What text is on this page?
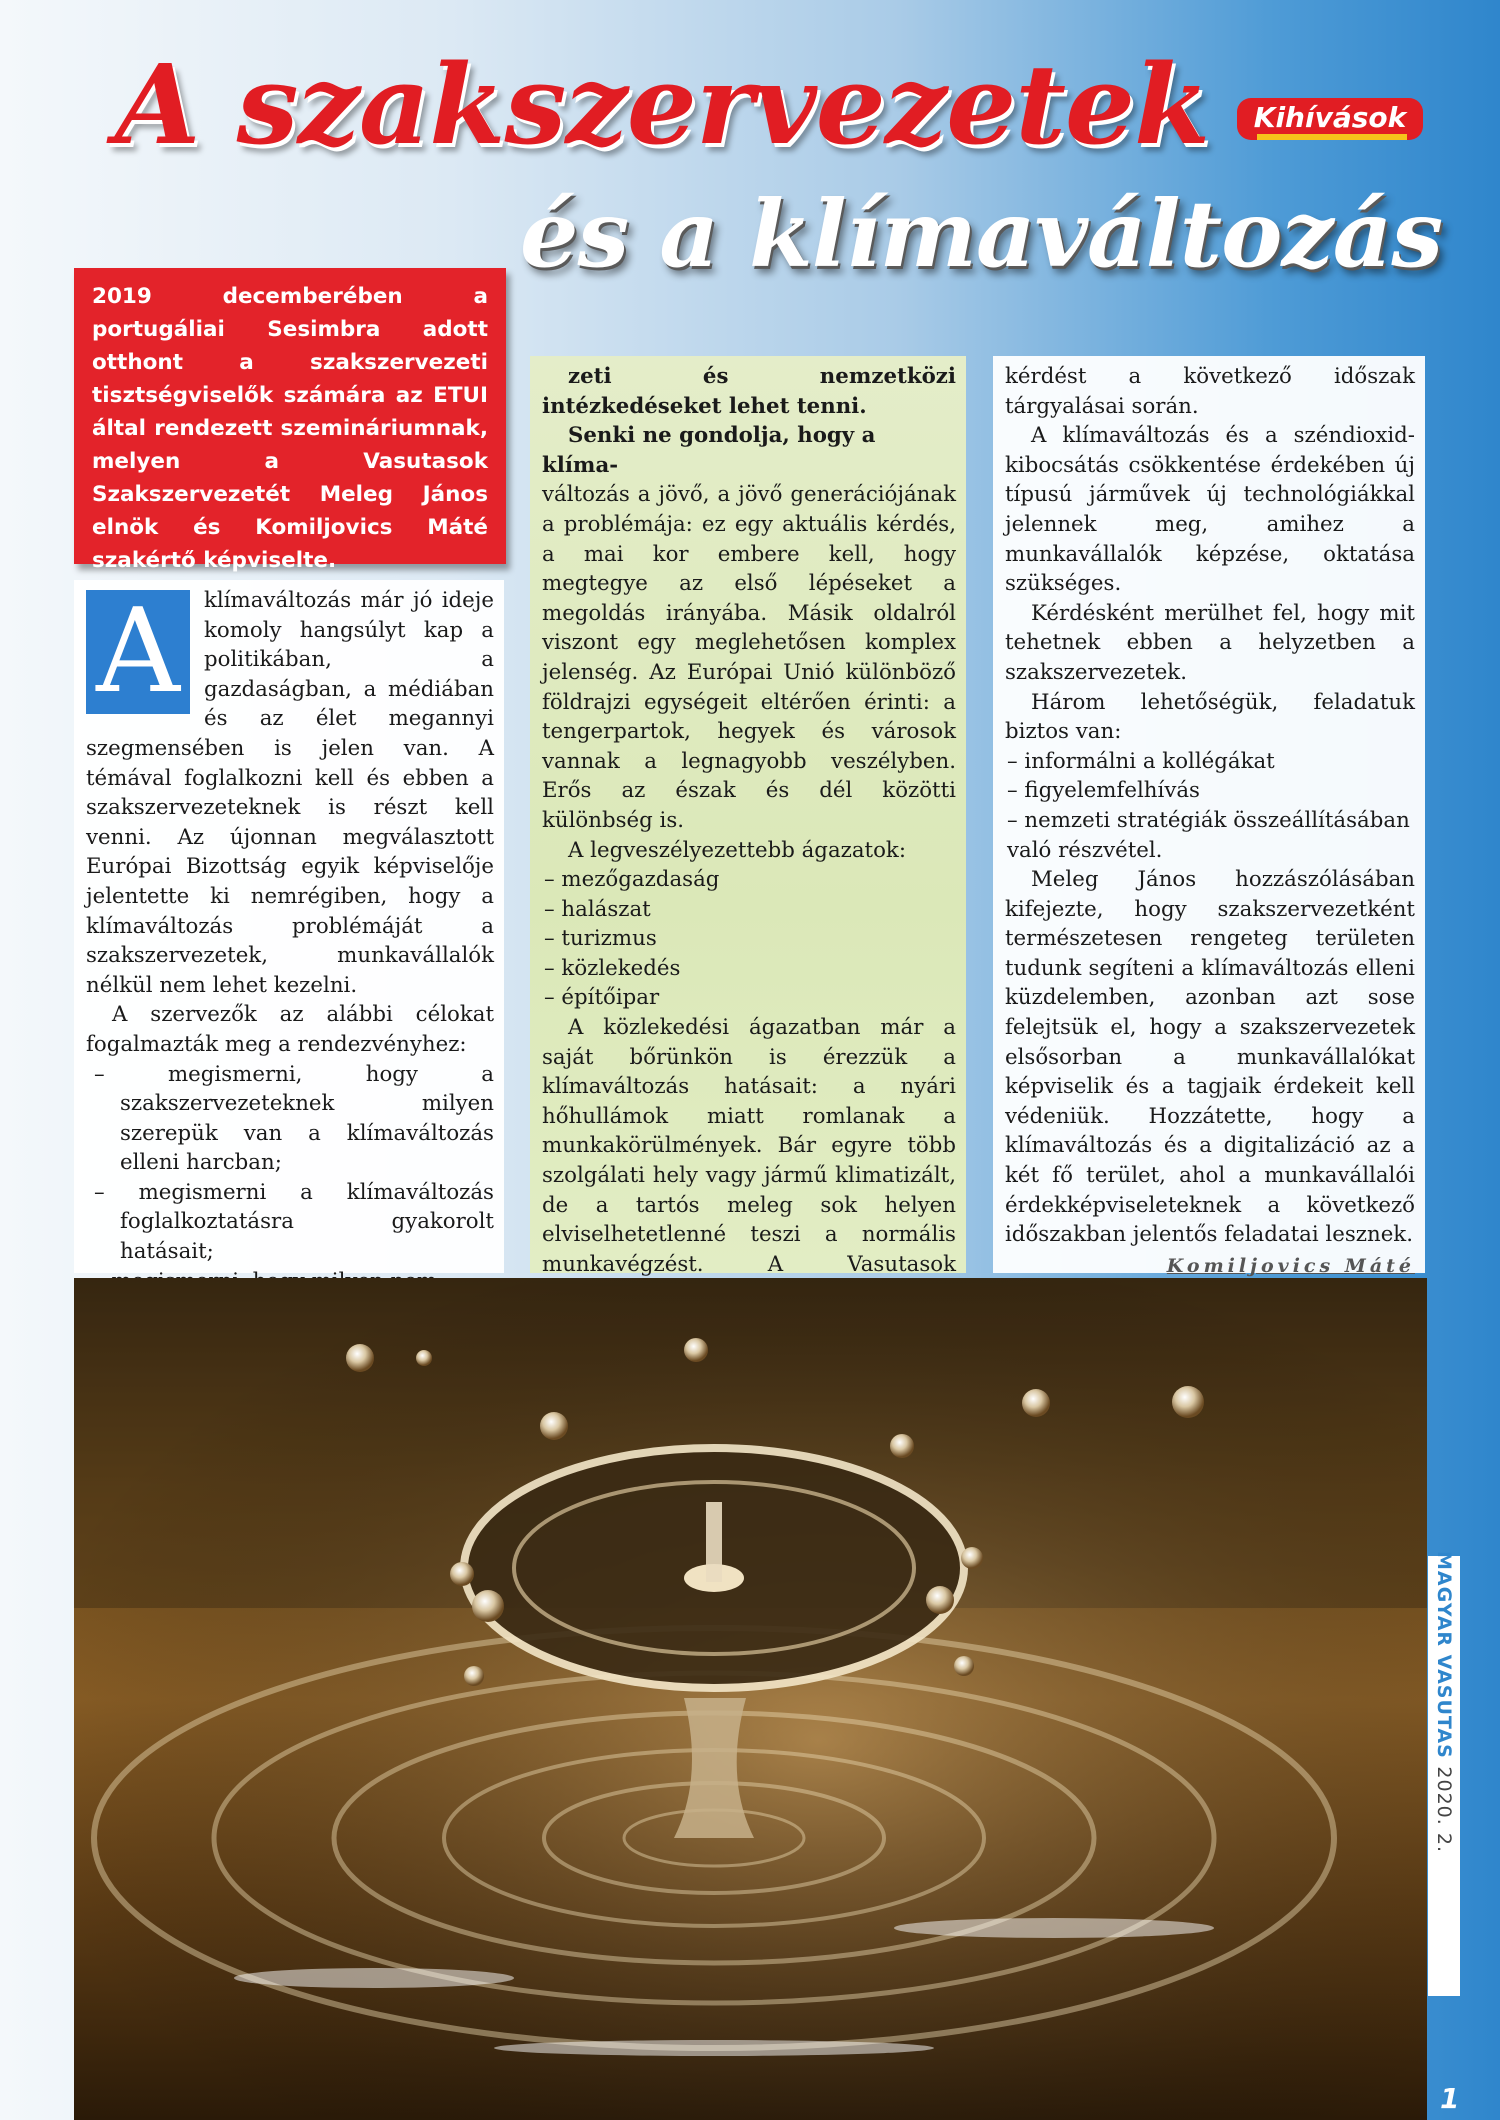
A szakszervezetek	Kihívások
és a klímaváltozás

2019 decemberében a portugáliai Sesimbra adott otthont a szakszervezeti tisztségviselők számára az ETUI által rendezett szemináriumnak, melyen a Vasutasok Szakszervezetét Meleg János elnök és Komiljovics Máté szakértő képviselte.

A	klímaváltozás már jó ideje komoly hangsúlyt kap a politikában, a gazdaságban, a médiában és az élet megannyi szegmensében is jelen van. A témával foglalkozni kell és ebben a szakszervezeteknek is részt kell venni. Az újonnan megválasztott Európai Bizottság egyik képviselője jelentette ki nemrégiben, hogy a klímaváltozás problémáját a szakszervezetek, munkavállalók nélkül nem lehet kezelni.

A szervezők az alábbi célokat fogalmazták meg a rendezvényhez:

– megismerni, hogy a szakszervezeteknek milyen szerepük van a klímaváltozás elleni harcban;

– megismerni a klímaváltozás foglalkoztatásra gyakorolt hatásait;

zeti és nemzetközi intézkedéseket lehet tenni.

Senki ne gondolja, hogy a klíma-

változás a jövő, a jövő generációjának a problémája: ez egy aktuális kérdés, a mai kor embere kell, hogy megtegye az első lépéseket a megoldás irányába. Másik oldalról viszont egy meglehetősen komplex jelenség. Az Európai Unió különböző földrajzi egységeit eltérően érinti: a tengerpartok, hegyek és városok vannak a legnagyobb veszélyben. Erős az észak és dél közötti különbség is.

A legveszélyezettebb ágazatok:

– mezőgazdaság

– halászat

– turizmus

– közlekedés

– építőipar

A közlekedési ágazatban már a saját bőrünkön is érezzük a klímaváltozás hatásait: a nyári hőhullámok miatt romlanak a munkakörülmények. Bár egyre több szolgálati hely vagy jármű klimatizált, de a tartós meleg sok helyen elviselhetetlenné teszi a normális munkavégzést. A Vasutasok

kérdést a következő időszak tárgyalásai során.

A klímaváltozás és a széndioxid-kibocsátás csökkentése érdekében új típusú járművek új technológiákkal jelennek meg, amihez a munkavállalók képzése, oktatása szükséges.

Kérdésként merülhet fel, hogy mit tehetnek ebben a helyzetben a szakszervezetek.

Három lehetőségük, feladatuk biztos van:

– informálni a kollégákat

– figyelemfelhívás

– nemzeti stratégiák összeállításában való részvétel.

Meleg János hozzászólásában kifejezte, hogy szakszervezetként természetesen rengeteg területen tudunk segíteni a klímaváltozás elleni küzdelemben, azonban azt sose felejtsük el, hogy a szakszervezetek elsősorban a munkavállalókat képviselik és a tagjaik érdekeit kell védeniük. Hozzátette, hogy a klímaváltozás és a digitalizáció az a két fő terület, ahol a munkavállalói érdekképviseleteknek a következő időszakban jelentős feladatai lesznek.

Komiljovics Máté
MAGYAR VASUTAS 2020. 2.
1
